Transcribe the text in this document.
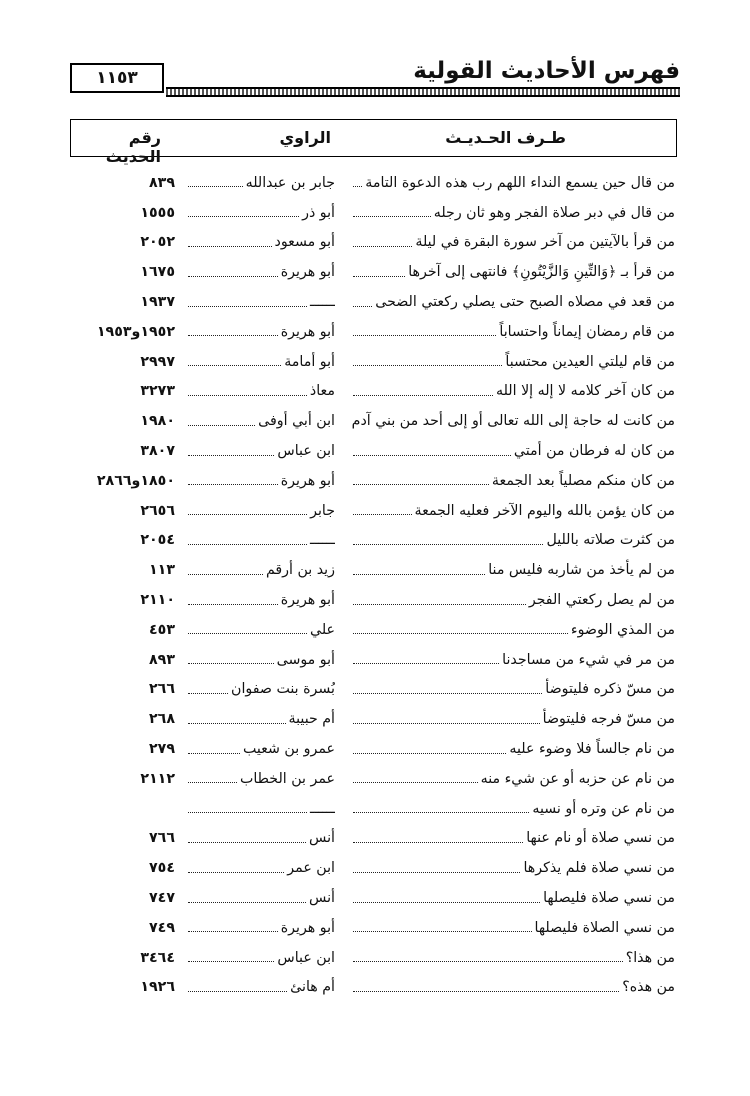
فهرس الأحاديث القولية
١١٥٣
طـرف الحـديـث
الراوي
رقم الحديث
من قال حين يسمع النداء اللهم رب هذه الدعوة التامة
جابر بن عبدالله
٨٣٩
من قال في دبر صلاة الفجر وهو ثان رجله
أبو ذر
١٥٥٥
من قرأ بالآيتين من آخر سورة البقرة في ليلة
أبو مسعود
٢٠٥٢
من قرأ بـ ﴿وَالتِّينِ وَالزَّيْتُونِ﴾ فانتهى إلى آخرها
أبو هريرة
١٦٧٥
من قعد في مصلاه الصبح حتى يصلي ركعتي الضحى
ــــــ
١٩٣٧
من قام رمضان إيماناً واحتساباً
أبو هريرة
١٩٥٢و١٩٥٣
من قام ليلتي العيدين محتسباً
أبو أمامة
٢٩٩٧
من كان آخر كلامه لا إله إلا الله
معاذ
٣٢٧٣
من كانت له حاجة إلى الله تعالى أو إلى أحد من بني آدم
ابن أبي أوفى
١٩٨٠
من كان له فرطان من أمتي
ابن عباس
٣٨٠٧
من كان منكم مصلياً بعد الجمعة
أبو هريرة
١٨٥٠و٢٨٦٦
من كان يؤمن بالله واليوم الآخر فعليه الجمعة
جابر
٢٦٥٦
من كثرت صلاته بالليل
ــــــ
٢٠٥٤
من لم يأخذ من شاربه فليس منا
زيد بن أرقم
١١٣
من لم يصل ركعتي الفجر
أبو هريرة
٢١١٠
من المذي الوضوء
علي
٤٥٣
من مر في شيء من مساجدنا
أبو موسى
٨٩٣
من مسّ ذكره فليتوضأ
بُسرة بنت صفوان
٢٦٦
من مسّ فرجه فليتوضأ
أم حبيبة
٢٦٨
من نام جالساً فلا وضوء عليه
عمرو بن شعيب
٢٧٩
من نام عن حزبه أو عن شيء منه
عمر بن الخطاب
٢١١٢
من نام عن وتره أو نسيه
ــــــ
من نسي صلاة أو نام عنها
أنس
٧٦٦
من نسي صلاة فلم يذكرها
ابن عمر
٧٥٤
من نسي صلاة فليصلها
أنس
٧٤٧
من نسي الصلاة فليصلها
أبو هريرة
٧٤٩
من هذا؟
ابن عباس
٣٤٦٤
من هذه؟
أم هانئ
١٩٢٦
